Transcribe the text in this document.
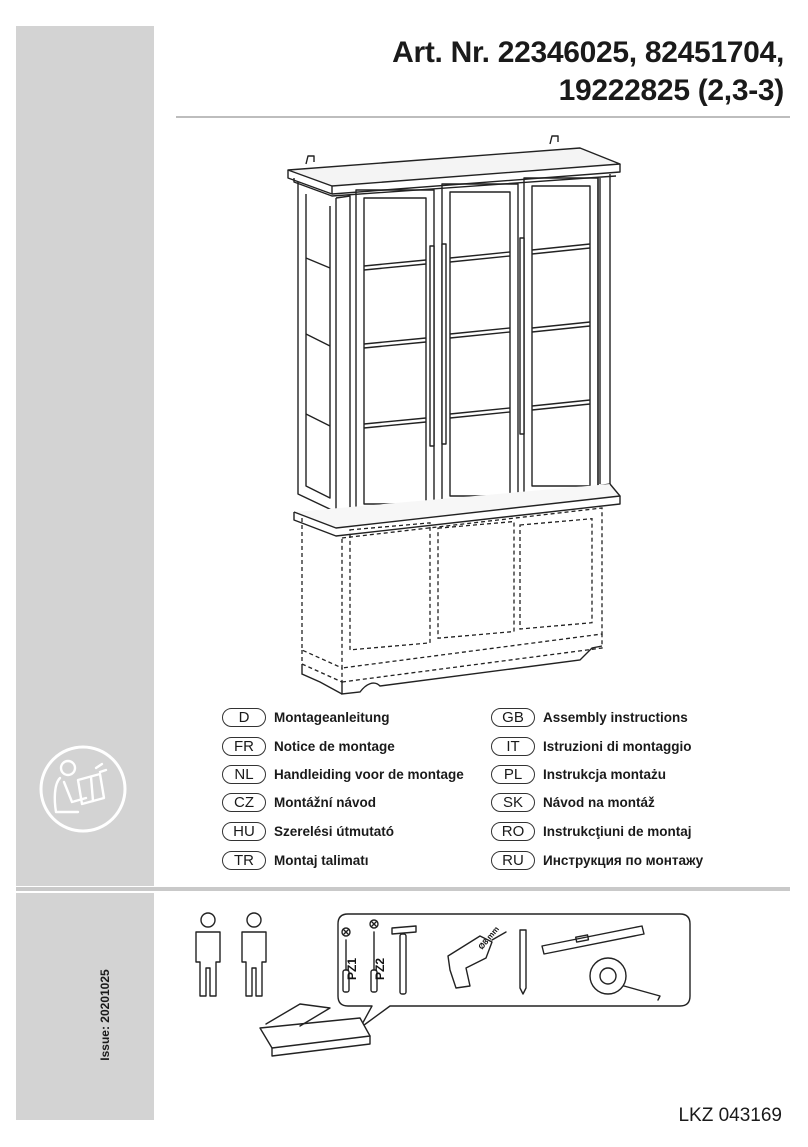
Art. Nr. 22346025, 82451704,
19222825 (2,3-3)
D	Montageanleitung	GB	Assembly instructions
FR	Notice de montage	IT	Istruzioni di montaggio
NL	Handleiding voor de montage	PL	Instrukcja montażu
CZ	Montážní návod	SK	Návod na montáž
HU	Szerelési útmutató	RO	Instrukcţiuni de montaj
TR	Montaj talimatı	RU	Инструкция по монтажу
PZ1 PZ2
Ø8 mm
Issue: 20201025
LKZ 043169
